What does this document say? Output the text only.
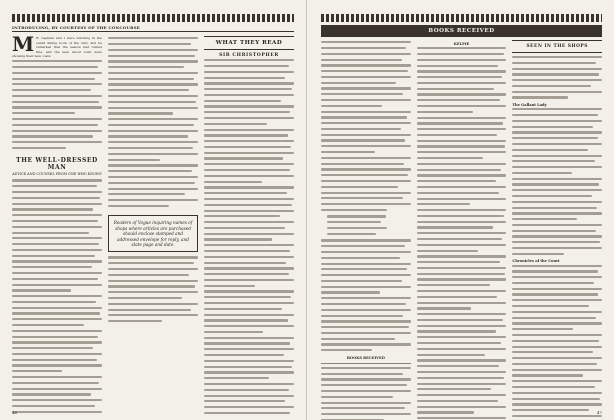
INTRODUCING, BY COURTESY OF THE CONCOURSE
M R. Lapham and I were lunching in the sunlit dining room of the club, and he remarked that the season had turned fine, and the men about town were showing their new coats.
THE WELL-DRESSED MAN
ADVICE AND COUNSEL FROM ONE WHO KNOWS
Readers of Vogue inquiring names of shops where articles are purchased should enclose stamped and addressed envelope for reply, and state page and date.
WHAT THEY READ
SIR CHRISTOPHER
46
BOOKS RECEIVED
BOOKS RECEIVED
KELPIE	SEEN IN THE SHOPS
The Gallant Lady
Chronicles of the Court
47
